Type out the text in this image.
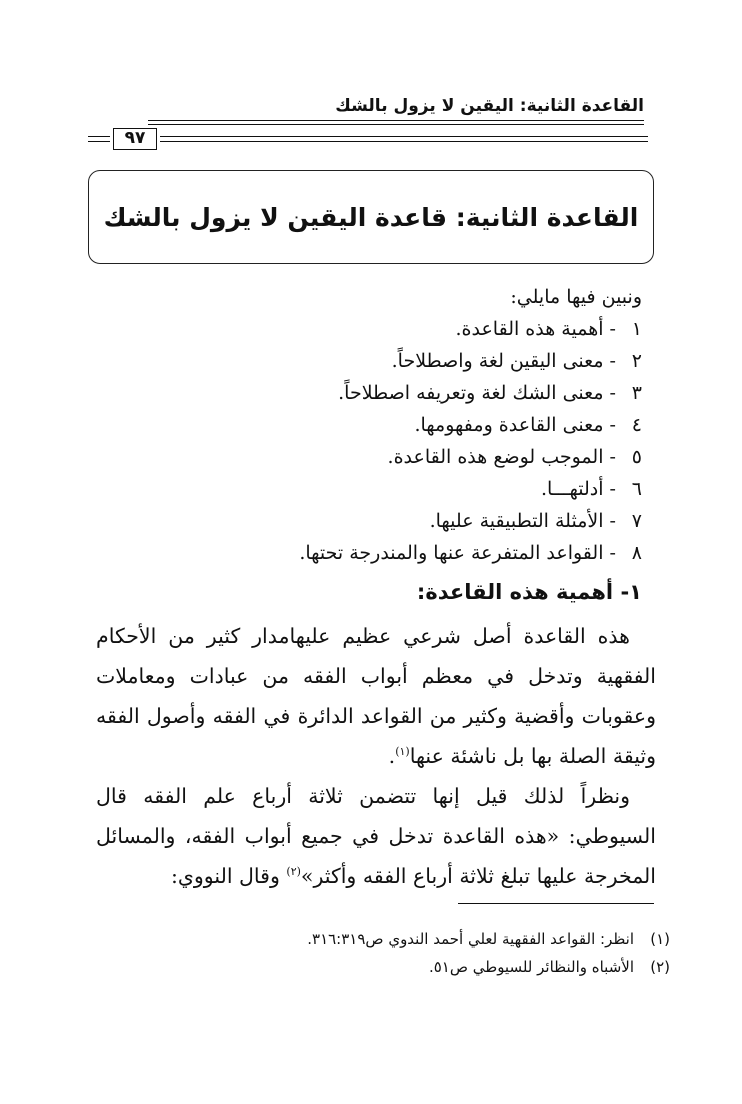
القاعدة الثانية: اليقين لا يزول بالشك
٩٧
القاعدة الثانية: قاعدة اليقين لا يزول بالشك
ونبين فيها مايلي:
١ - أهمية هذه القاعدة.
٢ - معنى اليقين لغة واصطلاحاً.
٣ - معنى الشك لغة وتعريفه اصطلاحاً.
٤ - معنى القاعدة ومفهومها.
٥ - الموجب لوضع هذه القاعدة.
٦ - أدلتهـــا.
٧ - الأمثلة التطبيقية عليها.
٨ - القواعد المتفرعة عنها والمندرجة تحتها.
١- أهمية هذه القاعدة:
هذه القاعدة أصل شرعي عظيم عليهامدار كثير من الأحكام
الفقهية وتدخل في معظم أبواب الفقه من عبادات ومعاملات
وعقوبات وأقضية وكثير من القواعد الدائرة في الفقه وأصول الفقه
وثيقة الصلة بها بل ناشئة عنها$^{(١)}$.
ونظراً لذلك قيل إنها تتضمن ثلاثة أرباع علم الفقه قال
السيوطي: «هذه القاعدة تدخل في جميع أبواب الفقه، والمسائل
المخرجة عليها تبلغ ثلاثة أرباع الفقه وأكثر»$^{(٢)}$ وقال النووي:
(١)انظر: القواعد الفقهية لعلي أحمد الندوي ص٣١٦:٣١٩.
(٢)الأشباه والنظائر للسيوطي ص٥١.
